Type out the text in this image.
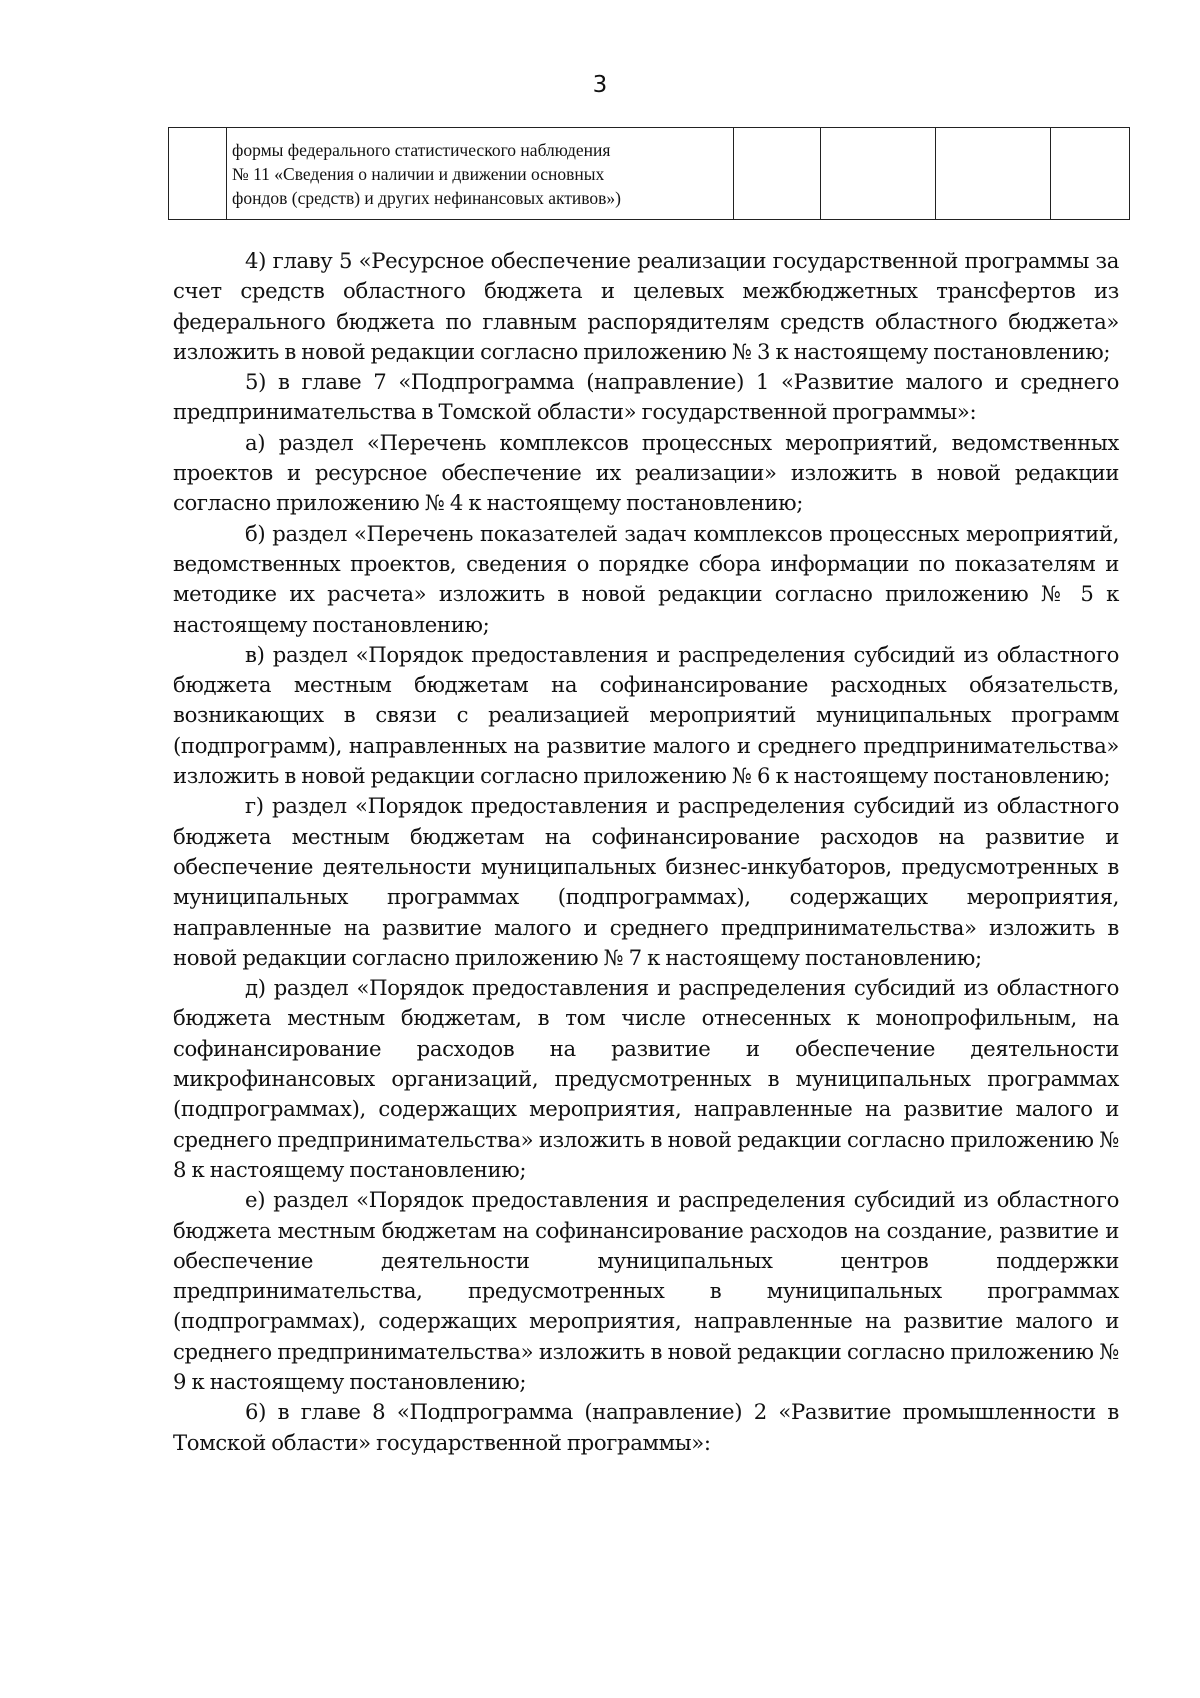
3
	формы федерального статистического наблюдения
№ 11 «Сведения о наличии и движении основных
фондов (средств) и других нефинансовых активов»)				

4) главу 5 «Ресурсное обеспечение реализации государственной программы за счет средств областного бюджета и целевых межбюджетных трансфертов из федерального бюджета по главным распорядителям средств областного бюджета» изложить в новой редакции согласно приложению № 3 к настоящему постановлению;

5) в главе 7 «Подпрограмма (направление) 1 «Развитие малого и среднего предпринимательства в Томской области» государственной программы»:

а) раздел «Перечень комплексов процессных мероприятий, ведомственных проектов и ресурсное обеспечение их реализации» изложить в новой редакции согласно приложению № 4 к настоящему постановлению;

б) раздел «Перечень показателей задач комплексов процессных мероприятий, ведомственных проектов, сведения о порядке сбора информации по показателям и методике их расчета» изложить в новой редакции согласно приложению № 5 к настоящему постановлению;

в) раздел «Порядок предоставления и распределения субсидий из областного бюджета местным бюджетам на софинансирование расходных обязательств, возникающих в связи с реализацией мероприятий муниципальных программ (подпрограмм), направленных на развитие малого и среднего предпринимательства» изложить в новой редакции согласно приложению № 6 к настоящему постановлению;

г) раздел «Порядок предоставления и распределения субсидий из областного бюджета местным бюджетам на софинансирование расходов на развитие и обеспечение деятельности муниципальных бизнес-инкубаторов, предусмотренных в муниципальных программах (подпрограммах), содержащих мероприятия, направленные на развитие малого и среднего предпринимательства» изложить в новой редакции согласно приложению № 7 к настоящему постановлению;

д) раздел «Порядок предоставления и распределения субсидий из областного бюджета местным бюджетам, в том числе отнесенных к монопрофильным, на софинансирование расходов на развитие и обеспечение деятельности микрофинансовых организаций, предусмотренных в муниципальных программах (подпрограммах), содержащих мероприятия, направленные на развитие малого и среднего предпринимательства» изложить в новой редакции согласно приложению № 8 к настоящему постановлению;

е) раздел «Порядок предоставления и распределения субсидий из областного бюджета местным бюджетам на софинансирование расходов на создание, развитие и обеспечение деятельности муниципальных центров поддержки предпринимательства, предусмотренных в муниципальных программах (подпрограммах), содержащих мероприятия, направленные на развитие малого и среднего предпринимательства» изложить в новой редакции согласно приложению № 9 к настоящему постановлению;

6) в главе 8 «Подпрограмма (направление) 2 «Развитие промышленности в Томской области» государственной программы»:
